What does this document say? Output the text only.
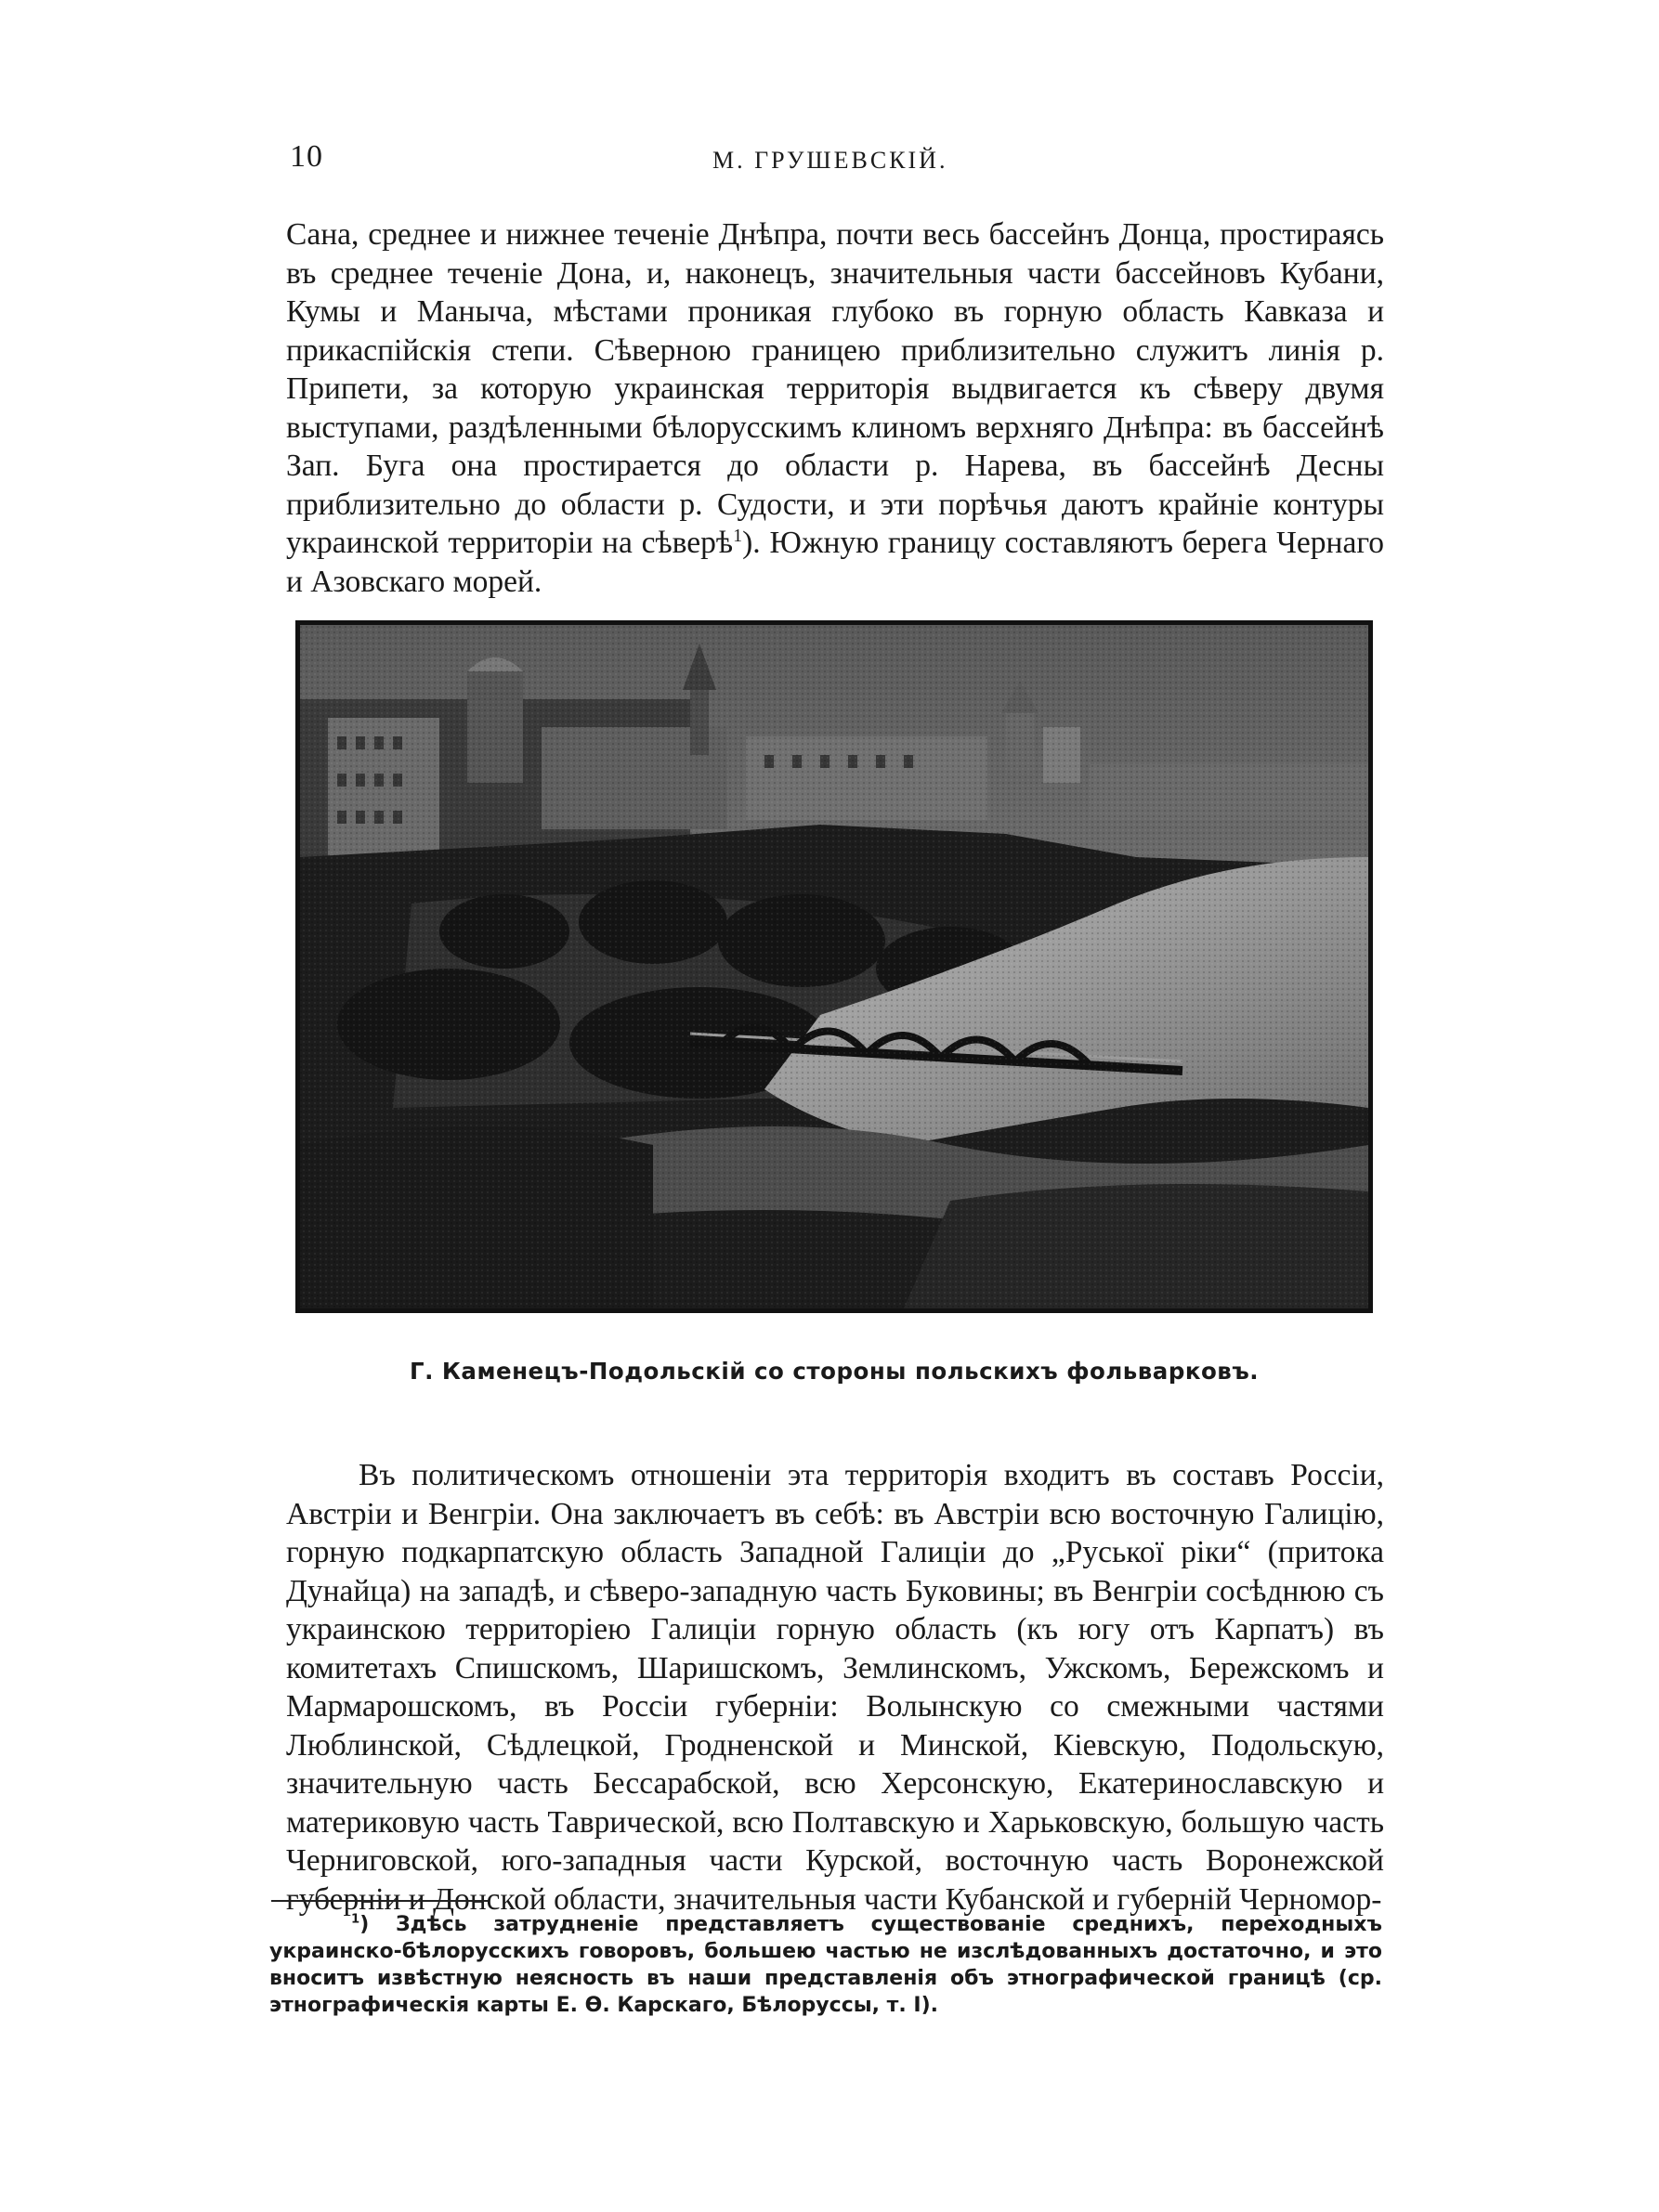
10	М. ГРУШЕВСКІЙ.
Сана, среднее и нижнее теченіе Днѣпра, почти весь бассейнъ Донца, простираясь въ среднее теченіе Дона, и, наконецъ, значительныя части бассейновъ Кубани, Кумы и Маныча, мѣстами проникая глубоко въ горную область Кавказа и прикаспійскія степи. Сѣверною границею приблизительно служитъ линія р. Припети, за которую украинская территорія выдвигается къ сѣверу двумя выступами, раздѣленными бѣлорусскимъ клиномъ верхняго Днѣпра: въ бассейнѣ Зап. Буга она простирается до области р. Нарева, въ бассейнѣ Десны приблизительно до области р. Судости, и эти порѣчья даютъ крайніе контуры украинской территоріи на сѣверѣ$^1$). Южную границу составляютъ берега Чернаго и Азовскаго морей.
Г. Каменецъ-Подольскій со стороны польскихъ фольварковъ.
Въ политическомъ отношеніи эта территорія входитъ въ составъ Россіи, Австріи и Венгріи. Она заключаетъ въ себѣ: въ Австріи всю восточную Галицію, горную подкарпатскую область Западной Галиціи до „Руської ріки“ (притока Дунайца) на западѣ, и сѣверо-западную часть Буковины; въ Венгріи сосѣднюю съ украинскою территоріею Галиціи горную область (къ югу отъ Карпатъ) въ комитетахъ Спишскомъ, Шаришскомъ, Землинскомъ, Ужскомъ, Бережскомъ и Мармарошскомъ, въ Россіи губерніи: Волынскую со смежными частями Люблинской, Сѣдлецкой, Гродненской и Минской, Кіевскую, Подольскую, значительную часть Бессарабской, всю Херсонскую, Екатеринославскую и материковую часть Таврической, всю Полтавскую и Харьковскую, большую часть Черниговской, юго-западныя части Курской, восточную часть Воронежской губерніи и Донской области, значительныя части Кубанской и губерній Черномор-
$^1$) Здѣсь затрудненіе представляетъ существованіе среднихъ, переходныхъ украинско-бѣлорусскихъ говоровъ, большею частью не изслѣдованныхъ достаточно, и это вноситъ извѣстную неясность въ наши представленія объ этнографической границѣ (ср. этнографическія карты Е. Ѳ. Карскаго, Бѣлоруссы, т. I).
